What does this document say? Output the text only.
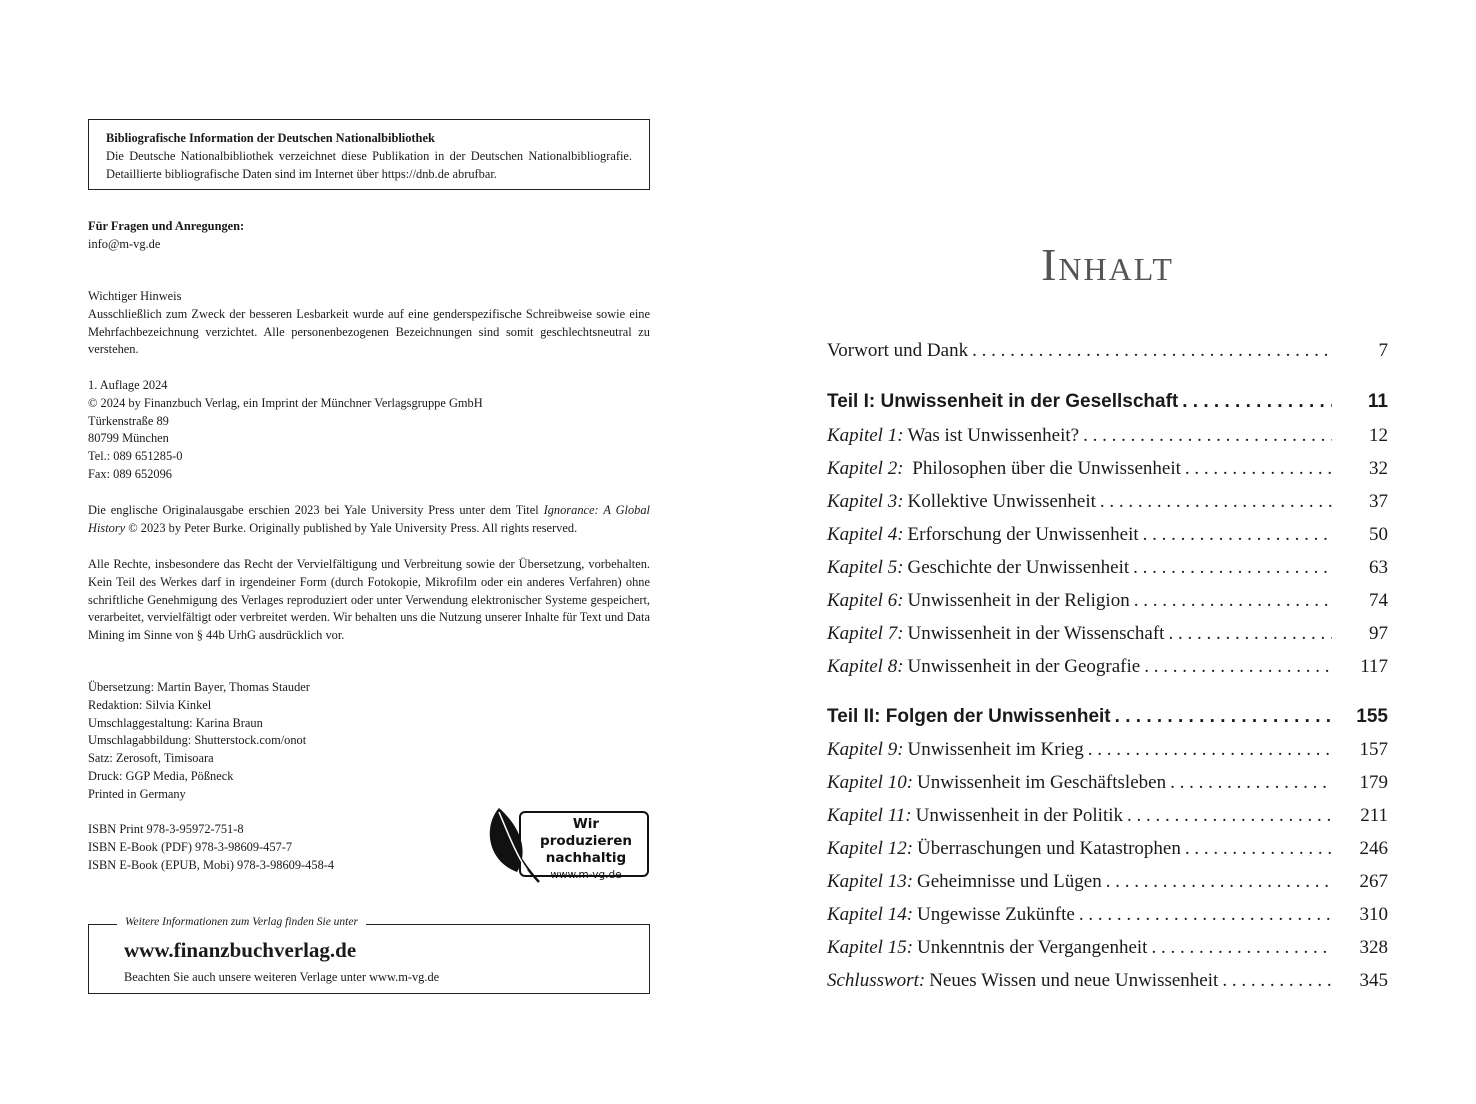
Bibliografische Information der Deutschen Nationalbibliothek

Die Deutsche Nationalbibliothek verzeichnet diese Publikation in der Deutschen Nationalbibliografie. Detaillierte bibliografische Daten sind im Internet über https://dnb.de abrufbar.

Für Fragen und Anregungen:

info@m-vg.de

Wichtiger Hinweis

Ausschließlich zum Zweck der besseren Lesbarkeit wurde auf eine genderspezifische Schreibweise sowie eine Mehrfachbezeichnung verzichtet. Alle personenbezogenen Bezeichnungen sind somit geschlechtsneutral zu verstehen.

1. Auflage 2024

© 2024 by Finanzbuch Verlag, ein Imprint der Münchner Verlagsgruppe GmbH

Türkenstraße 89

80799 München

Tel.: 089 651285-0

Fax: 089 652096

Die englische Originalausgabe erschien 2023 bei Yale University Press unter dem Titel Ignorance: A Global History © 2023 by Peter Burke. Originally published by Yale University Press. All rights reserved.
Alle Rechte, insbesondere das Recht der Vervielfältigung und Verbreitung sowie der Übersetzung, vorbehalten. Kein Teil des Werkes darf in irgendeiner Form (durch Fotokopie, Mikrofilm oder ein anderes Verfahren) ohne schriftliche Genehmigung des Verlages reproduziert oder unter Verwendung elektronischer Systeme gespeichert, verarbeitet, vervielfältigt oder verbreitet werden. Wir behalten uns die Nutzung unserer Inhalte für Text und Data Mining im Sinne von § 44b UrhG ausdrücklich vor.

Übersetzung: Martin Bayer, Thomas Stauder

Redaktion: Silvia Kinkel

Umschlaggestaltung: Karina Braun

Umschlagabbildung: Shutterstock.com/onot

Satz: Zerosoft, Timisoara

Druck: GGP Media, Pößneck

Printed in Germany

ISBN Print 978-3-95972-751-8

ISBN E-Book (PDF) 978-3-98609-457-7

ISBN E-Book (EPUB, Mobi) 978-3-98609-458-4

Wir produzieren
nachhaltig
www.m-vg.de
Weitere Informationen zum Verlag finden Sie unter
www.finanzbuchverlag.de
Beachten Sie auch unsere weiteren Verlage unter www.m-vg.de
Inhalt
Vorwort und Dank . . .	7
Teil I: Unwissenheit in der Gesellschaft . . .	11
Kapitel 1: Was ist Unwissenheit? . . .	12
Kapitel 2: Philosophen über die Unwissenheit . . .	32
Kapitel 3: Kollektive Unwissenheit . . .	37
Kapitel 4: Erforschung der Unwissenheit . . .	50
Kapitel 5: Geschichte der Unwissenheit . . .	63
Kapitel 6: Unwissenheit in der Religion . . .	74
Kapitel 7: Unwissenheit in der Wissenschaft . . .	97
Kapitel 8: Unwissenheit in der Geografie . . .	117
Teil II: Folgen der Unwissenheit . . .	155
Kapitel 9: Unwissenheit im Krieg . . .	157
Kapitel 10: Unwissenheit im Geschäftsleben . . .	179
Kapitel 11: Unwissenheit in der Politik . . .	211
Kapitel 12: Überraschungen und Katastrophen . . .	246
Kapitel 13: Geheimnisse und Lügen . . .	267
Kapitel 14: Ungewisse Zukünfte . . .	310
Kapitel 15: Unkenntnis der Vergangenheit . . .	328
Schlusswort: Neues Wissen und neue Unwissenheit . . .	345
